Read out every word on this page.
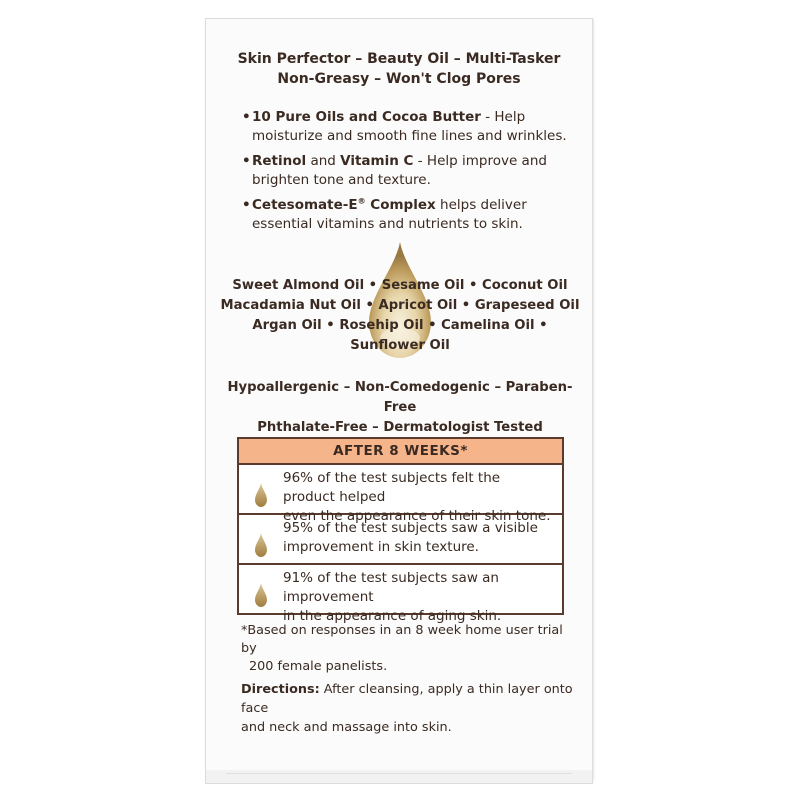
Skin Perfector – Beauty Oil – Multi-Tasker
Non-Greasy – Won't Clog Pores
• 10 Pure Oils and Cocoa Butter - Help moisturize and smooth fine lines and wrinkles.
• Retinol and Vitamin C - Help improve and brighten tone and texture.
• Cetesomate-E® Complex helps deliver essential vitamins and nutrients to skin.
Sweet Almond Oil • Sesame Oil • Coconut Oil
Macadamia Nut Oil • Apricot Oil • Grapeseed Oil
Argan Oil • Rosehip Oil • Camelina Oil • Sunflower Oil
Hypoallergenic – Non-Comedogenic – Paraben-Free
Phthalate-Free – Dermatologist Tested
AFTER 8 WEEKS*
96% of the test subjects felt the product helped
even the appearance of their skin tone.
95% of the test subjects saw a visible
improvement in skin texture.
91% of the test subjects saw an improvement
in the appearance of aging skin.
*Based on responses in an 8 week home user trial by
200 female panelists.
Directions: After cleansing, apply a thin layer onto face
and neck and massage into skin.
